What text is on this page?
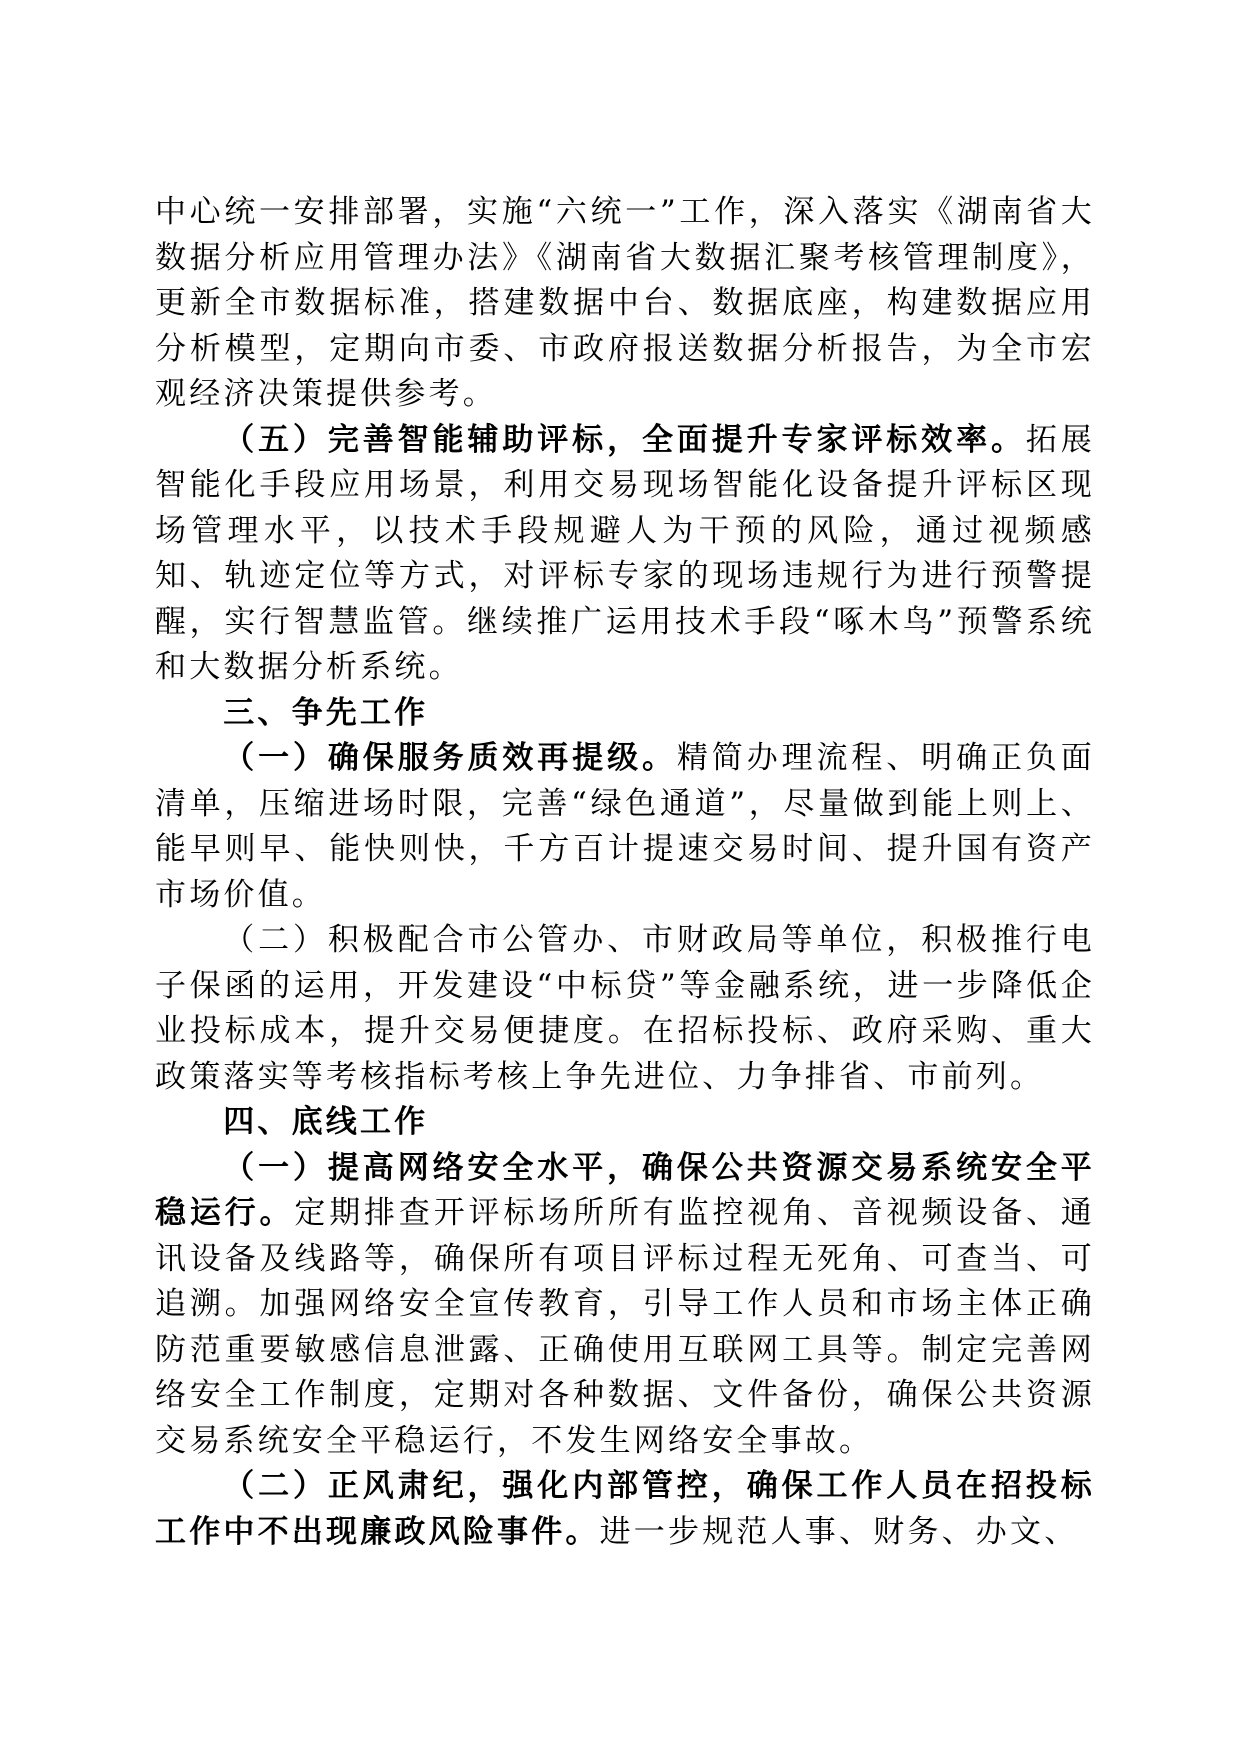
中心统一安排部署，实施“六统一”工作，深入落实《湖南省大数据分析应用管理办法》《湖南省大数据汇聚考核管理制度》，更新全市数据标准，搭建数据中台、数据底座，构建数据应用分析模型，定期向市委、市政府报送数据分析报告，为全市宏观经济决策提供参考。

（五）完善智能辅助评标，全面提升专家评标效率。拓展智能化手段应用场景，利用交易现场智能化设备提升评标区现场管理水平，以技术手段规避人为干预的风险，通过视频感知、轨迹定位等方式，对评标专家的现场违规行为进行预警提醒，实行智慧监管。继续推广运用技术手段“啄木鸟”预警系统和大数据分析系统。

三、争先工作

（一）确保服务质效再提级。精简办理流程、明确正负面清单，压缩进场时限，完善“绿色通道”，尽量做到能上则上、能早则早、能快则快，千方百计提速交易时间、提升国有资产市场价值。

（二）积极配合市公管办、市财政局等单位，积极推行电子保函的运用，开发建设“中标贷”等金融系统，进一步降低企业投标成本，提升交易便捷度。在招标投标、政府采购、重大政策落实等考核指标考核上争先进位、力争排省、市前列。

四、底线工作

（一）提高网络安全水平，确保公共资源交易系统安全平稳运行。定期排查开评标场所所有监控视角、音视频设备、通讯设备及线路等，确保所有项目评标过程无死角、可查当、可追溯。加强网络安全宣传教育，引导工作人员和市场主体正确防范重要敏感信息泄露、正确使用互联网工具等。制定完善网络安全工作制度，定期对各种数据、文件备份，确保公共资源交易系统安全平稳运行，不发生网络安全事故。

（二）正风肃纪，强化内部管控，确保工作人员在招投标工作中不出现廉政风险事件。进一步规范人事、财务、办文、
